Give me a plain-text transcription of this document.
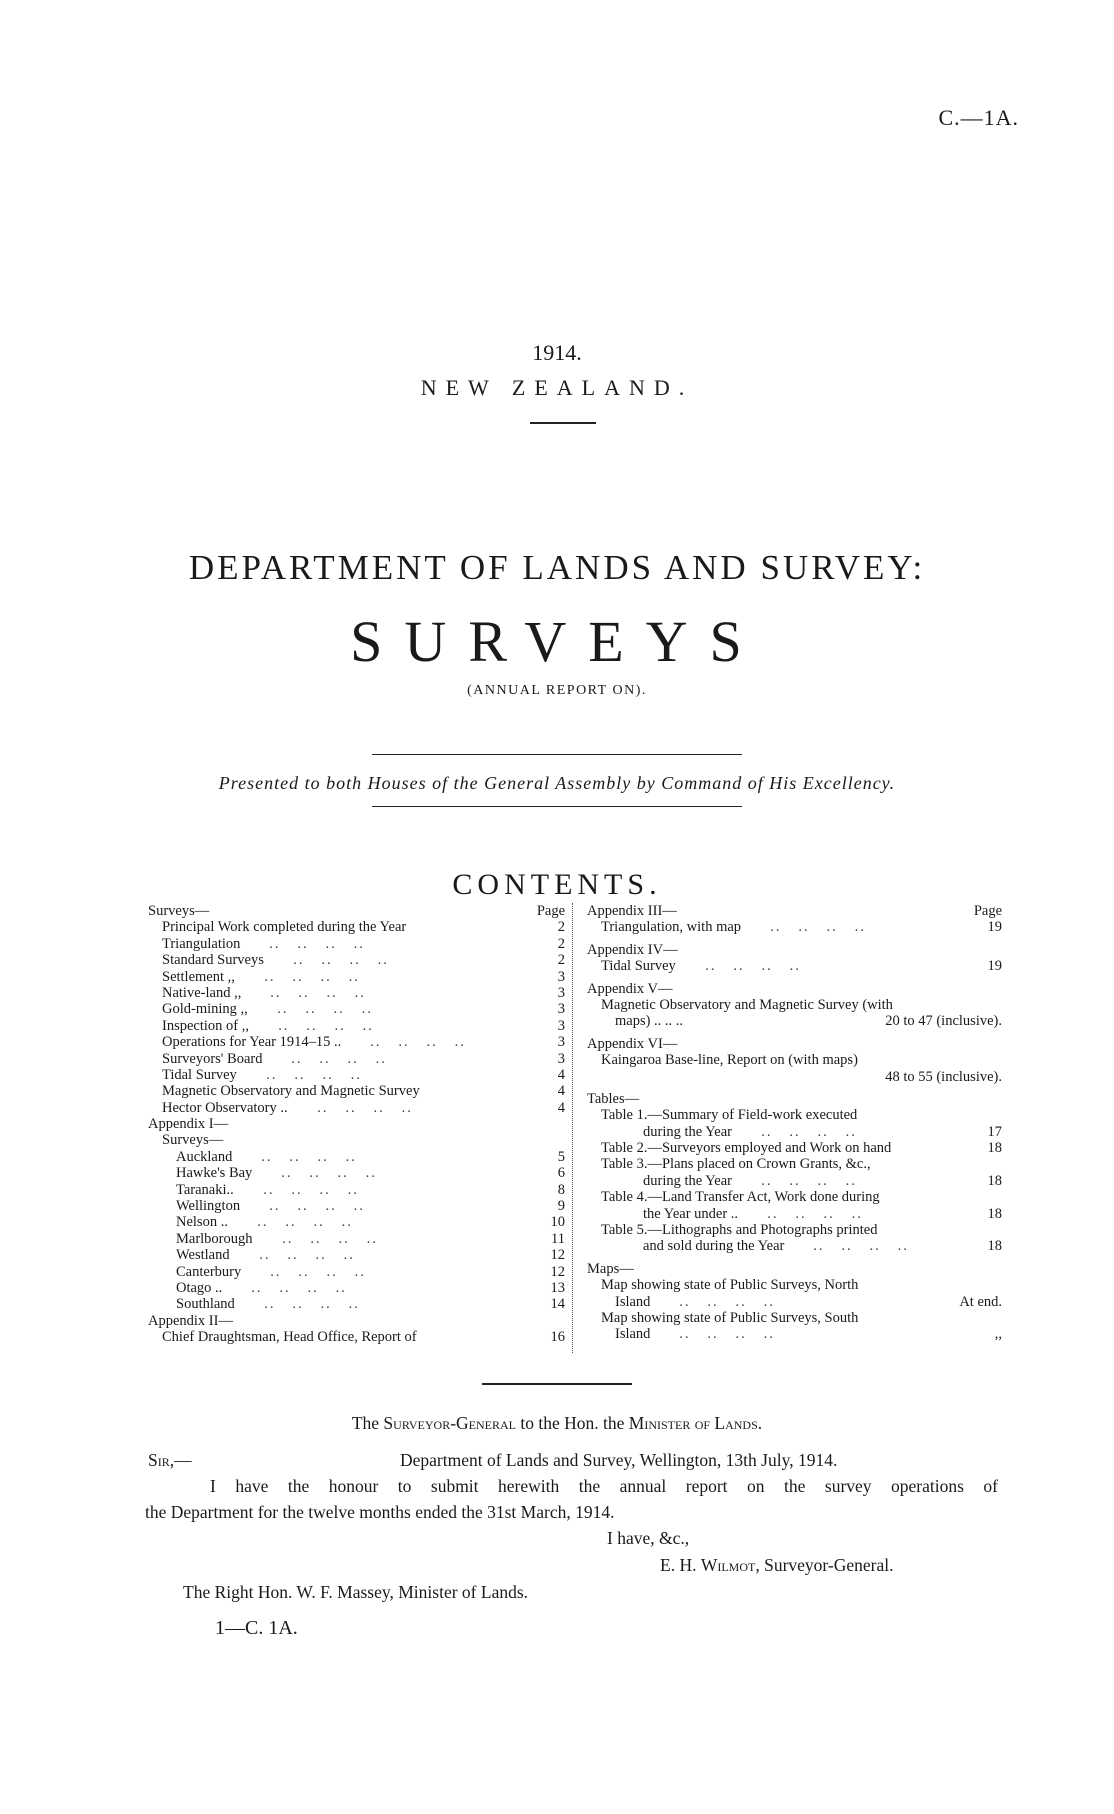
C.—1A.
1914.
NEW ZEALAND.
DEPARTMENT OF LANDS AND SURVEY:
SURVEYS
(ANNUAL REPORT ON).
Presented to both Houses of the General Assembly by Command of His Excellency.
CONTENTS.
Surveys—	Page
Principal Work completed during the Year	2
Triangulation ..   ..   ..   ..	2
Standard Surveys ..   ..   ..   ..	2
Settlement ,, ..   ..   ..   ..	3
Native-land ,, ..   ..   ..   ..	3
Gold-mining ,, ..   ..   ..   ..	3
Inspection of ,, ..   ..   ..   ..	3
Operations for Year 1914–15 .. ..   ..   ..   ..	3
Surveyors' Board ..   ..   ..   ..	3
Tidal Survey ..   ..   ..   ..	4
Magnetic Observatory and Magnetic Survey	4
Hector Observatory .. ..   ..   ..   ..	4
Appendix I—
Surveys—
Auckland ..   ..   ..   ..	5
Hawke's Bay ..   ..   ..   ..	6
Taranaki.. ..   ..   ..   ..	8
Wellington ..   ..   ..   ..	9
Nelson .. ..   ..   ..   ..	10
Marlborough ..   ..   ..   ..	11
Westland ..   ..   ..   ..	12
Canterbury ..   ..   ..   ..	12
Otago .. ..   ..   ..   ..	13
Southland ..   ..   ..   ..	14
Appendix II—
Chief Draughtsman, Head Office, Report of	16
Appendix III—	Page
Triangulation, with map ..   ..   ..   ..	19
Appendix IV—
Tidal Survey ..   ..   ..   ..	19
Appendix V—
Magnetic Observatory and Magnetic Survey (with
maps) .. .. ..	20 to 47 (inclusive).
Appendix VI—
Kaingaroa Base-line, Report on (with maps)
48 to 55 (inclusive).
Tables—
Table 1.—Summary of Field-work executed
during the Year ..   ..   ..   ..	17
Table 2.—Surveyors employed and Work on hand	18
Table 3.—Plans placed on Crown Grants, &c.,
during the Year ..   ..   ..   ..	18
Table 4.—Land Transfer Act, Work done during
the Year under .. ..   ..   ..   ..	18
Table 5.—Lithographs and Photographs printed
and sold during the Year ..   ..   ..   ..	18
Maps—
Map showing state of Public Surveys, North
Island ..   ..   ..   ..	At end.
Map showing state of Public Surveys, South
Island ..   ..   ..   ..	,,
The Surveyor-General to the Hon. the Minister of Lands.
Sir,—	Department of Lands and Survey, Wellington, 13th July, 1914.
I have the honour to submit herewith the annual report on the survey operations of
the Department for the twelve months ended the 31st March, 1914.
I have, &c.,
E. H. Wilmot, Surveyor-General.
The Right Hon. W. F. Massey, Minister of Lands.
1—C. 1A.
